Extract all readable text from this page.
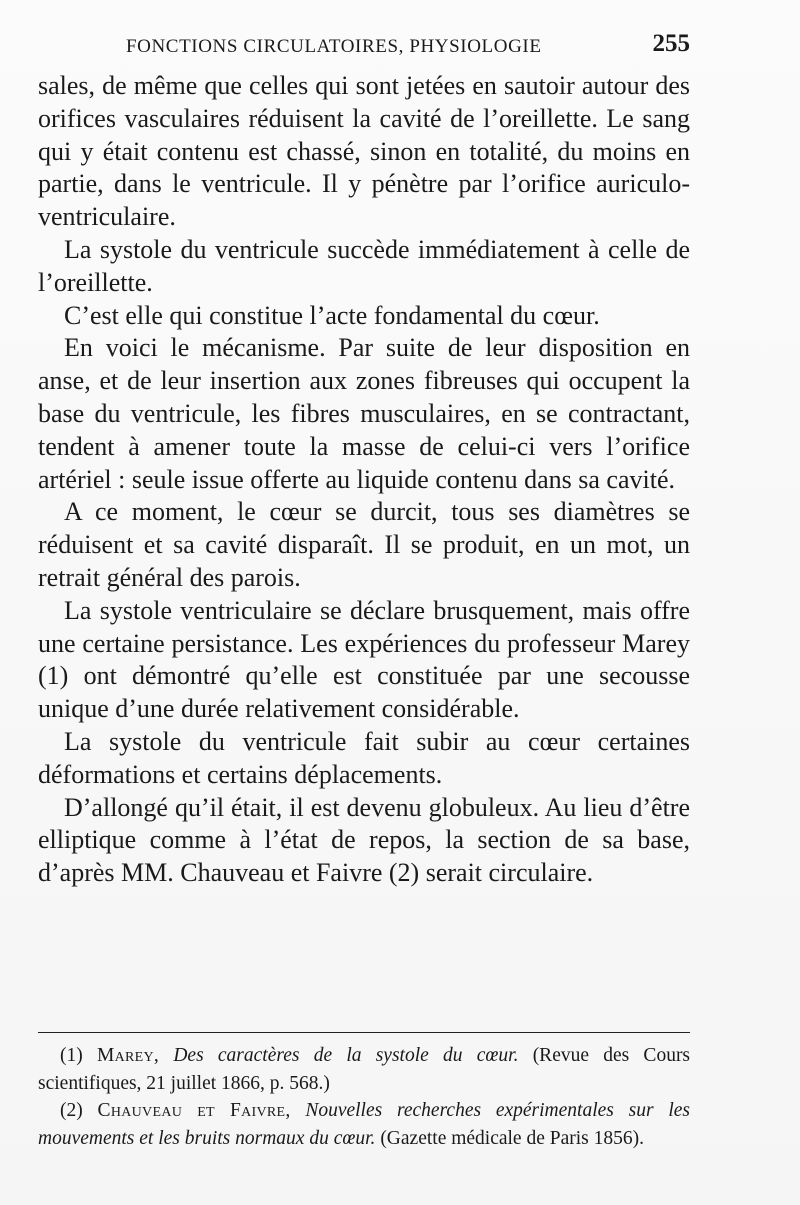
FONCTIONS CIRCULATOIRES, PHYSIOLOGIE	255

sales, de même que celles qui sont jetées en sautoir autour des orifices vasculaires réduisent la cavité de l’oreillette. Le sang qui y était contenu est chassé, sinon en totalité, du moins en partie, dans le ventricule. Il y pénètre par l’orifice auriculo-ventriculaire.

La systole du ventricule succède immédiatement à celle de l’oreillette.

C’est elle qui constitue l’acte fondamental du cœur.

En voici le mécanisme. Par suite de leur disposition en anse, et de leur insertion aux zones fibreuses qui occupent la base du ventricule, les fibres musculaires, en se contractant, tendent à amener toute la masse de celui-ci vers l’orifice artériel : seule issue offerte au liquide contenu dans sa cavité.

A ce moment, le cœur se durcit, tous ses diamètres se réduisent et sa cavité disparaît. Il se produit, en un mot, un retrait général des parois.

La systole ventriculaire se déclare brusquement, mais offre une certaine persistance. Les expériences du professeur Marey (1) ont démontré qu’elle est constituée par une secousse unique d’une durée relativement considérable.

La systole du ventricule fait subir au cœur certaines déformations et certains déplacements.

D’allongé qu’il était, il est devenu globuleux. Au lieu d’être elliptique comme à l’état de repos, la section de sa base, d’après MM. Chauveau et Faivre (2) serait circulaire.

(1) Marey, Des caractères de la systole du cœur. (Revue des Cours scientifiques, 21 juillet 1866, p. 568.)

(2) Chauveau et Faivre, Nouvelles recherches expérimentales sur les mouvements et les bruits normaux du cœur. (Gazette médicale de Paris 1856).
